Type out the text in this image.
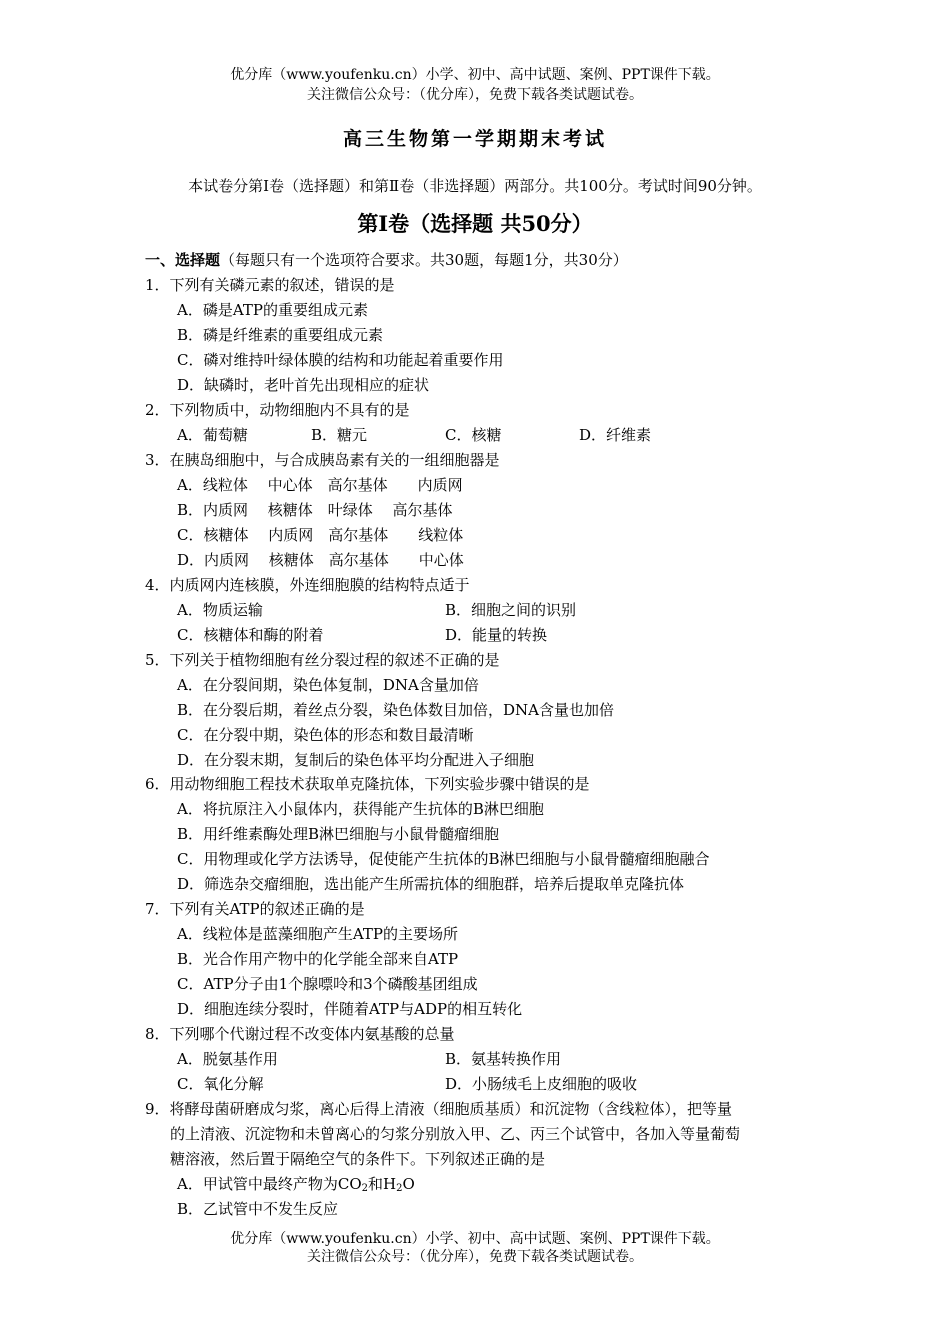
优分库（www.youfenku.cn）小学、初中、高中试题、案例、PPT课件下载。
关注微信公众号：（优分库），免费下载各类试题试卷。
高三生物第一学期期末考试
本试卷分第Ⅰ卷（选择题）和第Ⅱ卷（非选择题）两部分。共100分。考试时间90分钟。
第Ⅰ卷（选择题 共50分）
一、选择题（每题只有一个选项符合要求。共30题，每题1分，共30分）
1．下列有关磷元素的叙述，错误的是
A．磷是ATP的重要组成元素
B．磷是纤维素的重要组成元素
C．磷对维持叶绿体膜的结构和功能起着重要作用
D．缺磷时，老叶首先出现相应的症状
2．下列物质中，动物细胞内不具有的是
A．葡萄糖	B．糖元	C．核糖	D．纤维素
3．在胰岛细胞中，与合成胰岛素有关的一组细胞器是
A．线粒体　 中心体　高尔基体　　内质网
B．内质网　 核糖体　叶绿体　 高尔基体
C．核糖体　 内质网　高尔基体　　线粒体
D．内质网　 核糖体　高尔基体　　中心体
4．内质网内连核膜，外连细胞膜的结构特点适于
A．物质运输	B．细胞之间的识别
C．核糖体和酶的附着	D．能量的转换
5．下列关于植物细胞有丝分裂过程的叙述不正确的是
A．在分裂间期，染色体复制，DNA含量加倍
B．在分裂后期，着丝点分裂，染色体数目加倍，DNA含量也加倍
C．在分裂中期，染色体的形态和数目最清晰
D．在分裂末期，复制后的染色体平均分配进入子细胞
6．用动物细胞工程技术获取单克隆抗体，下列实验步骤中错误的是
A．将抗原注入小鼠体内，获得能产生抗体的B淋巴细胞
B．用纤维素酶处理B淋巴细胞与小鼠骨髓瘤细胞
C．用物理或化学方法诱导，促使能产生抗体的B淋巴细胞与小鼠骨髓瘤细胞融合
D．筛选杂交瘤细胞，选出能产生所需抗体的细胞群，培养后提取单克隆抗体
7．下列有关ATP的叙述正确的是
A．线粒体是蓝藻细胞产生ATP的主要场所
B．光合作用产物中的化学能全部来自ATP
C．ATP分子由1个腺嘌呤和3个磷酸基团组成
D．细胞连续分裂时，伴随着ATP与ADP的相互转化
8．下列哪个代谢过程不改变体内氨基酸的总量
A．脱氨基作用	B．氨基转换作用
C．氧化分解	D．小肠绒毛上皮细胞的吸收
9．将酵母菌研磨成匀浆，离心后得上清液（细胞质基质）和沉淀物（含线粒体），把等量
的上清液、沉淀物和未曾离心的匀浆分别放入甲、乙、丙三个试管中，各加入等量葡萄
糖溶液，然后置于隔绝空气的条件下。下列叙述正确的是
A．甲试管中最终产物为$CO_2$和$H_2O$
B．乙试管中不发生反应
优分库（www.youfenku.cn）小学、初中、高中试题、案例、PPT课件下载。
关注微信公众号：（优分库），免费下载各类试题试卷。
